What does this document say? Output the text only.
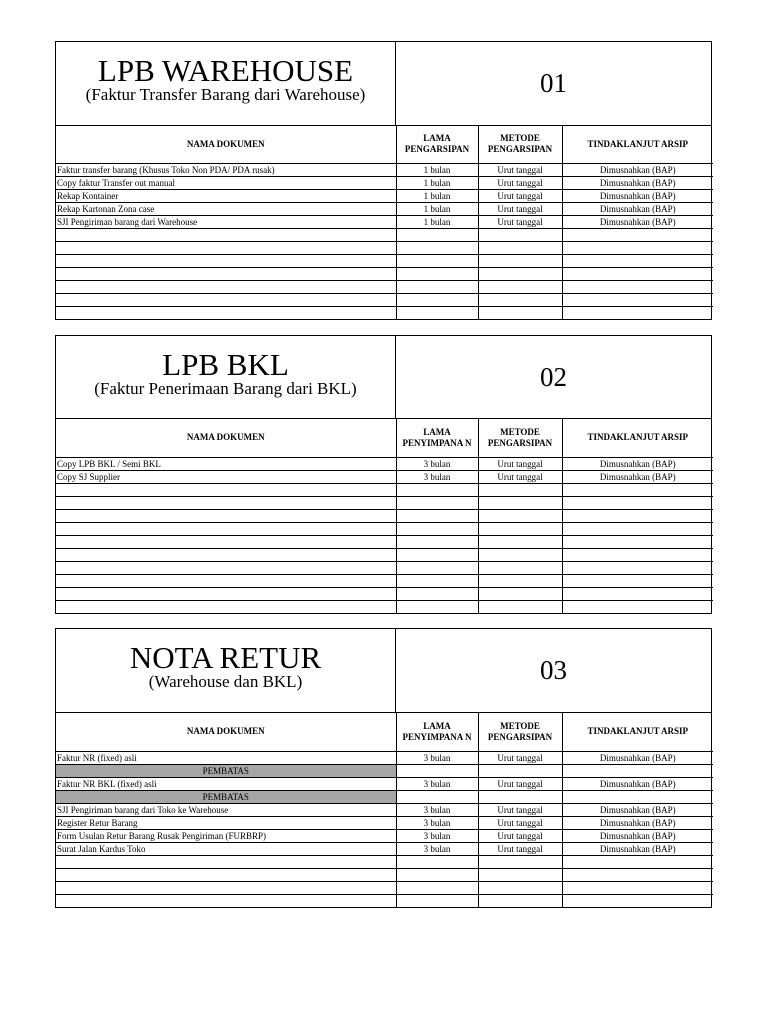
LPB WAREHOUSE
(Faktur Transfer Barang dari Warehouse)	01
NAMA DOKUMEN	LAMA PENGARSIPAN	METODE PENGARSIPAN	TINDAKLANJUT ARSIP
Faktur transfer barang (Khusus Toko Non PDA/ PDA rusak)	1 bulan	Urut tanggal	Dimusnahkan (BAP)
Copy faktur Transfer out manual	1 bulan	Urut tanggal	Dimusnahkan (BAP)
Rekap Kontainer	1 bulan	Urut tanggal	Dimusnahkan (BAP)
Rekap Kartonan Zona case	1 bulan	Urut tanggal	Dimusnahkan (BAP)
SJI Pengiriman barang dari Warehouse	1 bulan	Urut tanggal	Dimusnahkan (BAP)

LPB BKL
(Faktur Penerimaan Barang dari BKL)	02
NAMA DOKUMEN	LAMA PENYIMPANA N	METODE PENGARSIPAN	TINDAKLANJUT ARSIP
Copy LPB BKL / Semi BKL	3 bulan	Urut tanggal	Dimusnahkan (BAP)
Copy SJ Supplier	3 bulan	Urut tanggal	Dimusnahkan (BAP)

NOTA RETUR
(Warehouse dan BKL)	03
NAMA DOKUMEN	LAMA PENYIMPANA N	METODE PENGARSIPAN	TINDAKLANJUT ARSIP
Faktur NR (fixed) asli	3 bulan	Urut tanggal	Dimusnahkan (BAP)
PEMBATAS			
Faktur NR BKL (fixed) asli	3 bulan	Urut tanggal	Dimusnahkan (BAP)
PEMBATAS			
SJI Pengiriman barang dari Toko ke Warehouse	3 bulan	Urut tanggal	Dimusnahkan (BAP)
Register Retur Barang	3 bulan	Urut tanggal	Dimusnahkan (BAP)
Form Usulan Retur Barang Rusak Pengiriman (FURBRP)	3 bulan	Urut tanggal	Dimusnahkan (BAP)
Surat Jalan Kardus Toko	3 bulan	Urut tanggal	Dimusnahkan (BAP)
